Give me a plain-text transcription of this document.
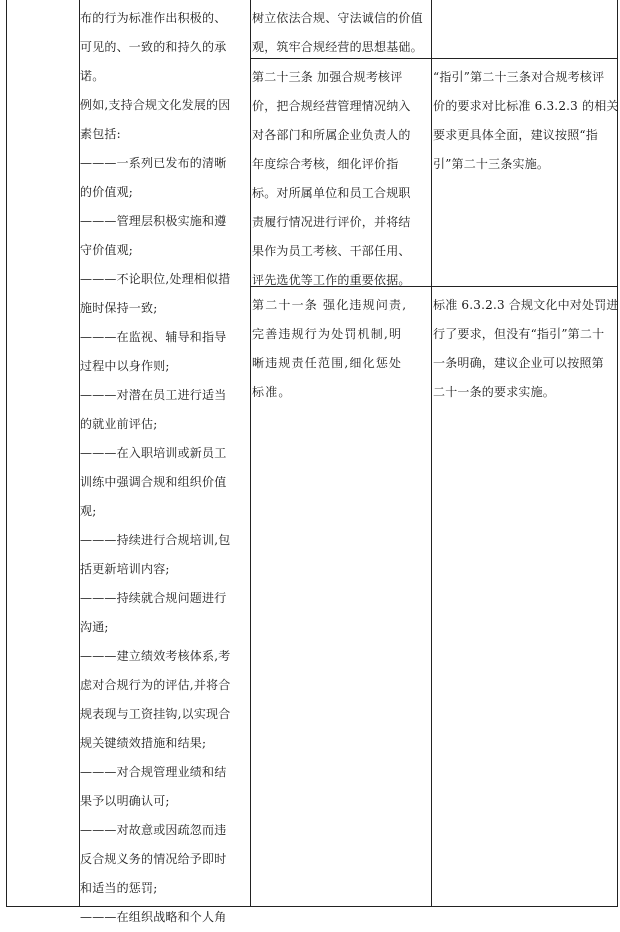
布的行为标准作出积极的、

可见的、一致的和持久的承

诺。

例如,支持合规文化发展的因

素包括:

———一系列已发布的清晰

的价值观;

———管理层积极实施和遵

守价值观;

———不论职位,处理相似措

施时保持一致;

———在监视、辅导和指导

过程中以身作则;

———对潜在员工进行适当

的就业前评估;

———在入职培训或新员工

训练中强调合规和组织价值

观;

———持续进行合规培训,包

括更新培训内容;

———持续就合规问题进行

沟通;

———建立绩效考核体系,考

虑对合规行为的评估,并将合

规表现与工资挂钩,以实现合

规关键绩效措施和结果;

———对合规管理业绩和结

果予以明确认可;

———对故意或因疏忽而违

反合规义务的情况给予即时

和适当的惩罚;

———在组织战略和个人角

树立依法合规、守法诚信的价值

观，筑牢合规经营的思想基础。

第二十三条 加强合规考核评

价，把合规经营管理情况纳入

对各部门和所属企业负责人的

年度综合考核，细化评价指

标。对所属单位和员工合规职

责履行情况进行评价，并将结

果作为员工考核、干部任用、

评先选优等工作的重要依据。

第二十一条 强化违规问责,

完善违规行为处罚机制,明

晰违规责任范围,细化惩处

标准。

“指引”第二十三条对合规考核评

价的要求对比标准 6.3.2.3 的相关

要求更具体全面，建议按照“指

引”第二十三条实施。

标准 6.3.2.3 合规文化中对处罚进

行了要求，但没有“指引”第二十

一条明确，建议企业可以按照第

二十一条的要求实施。
